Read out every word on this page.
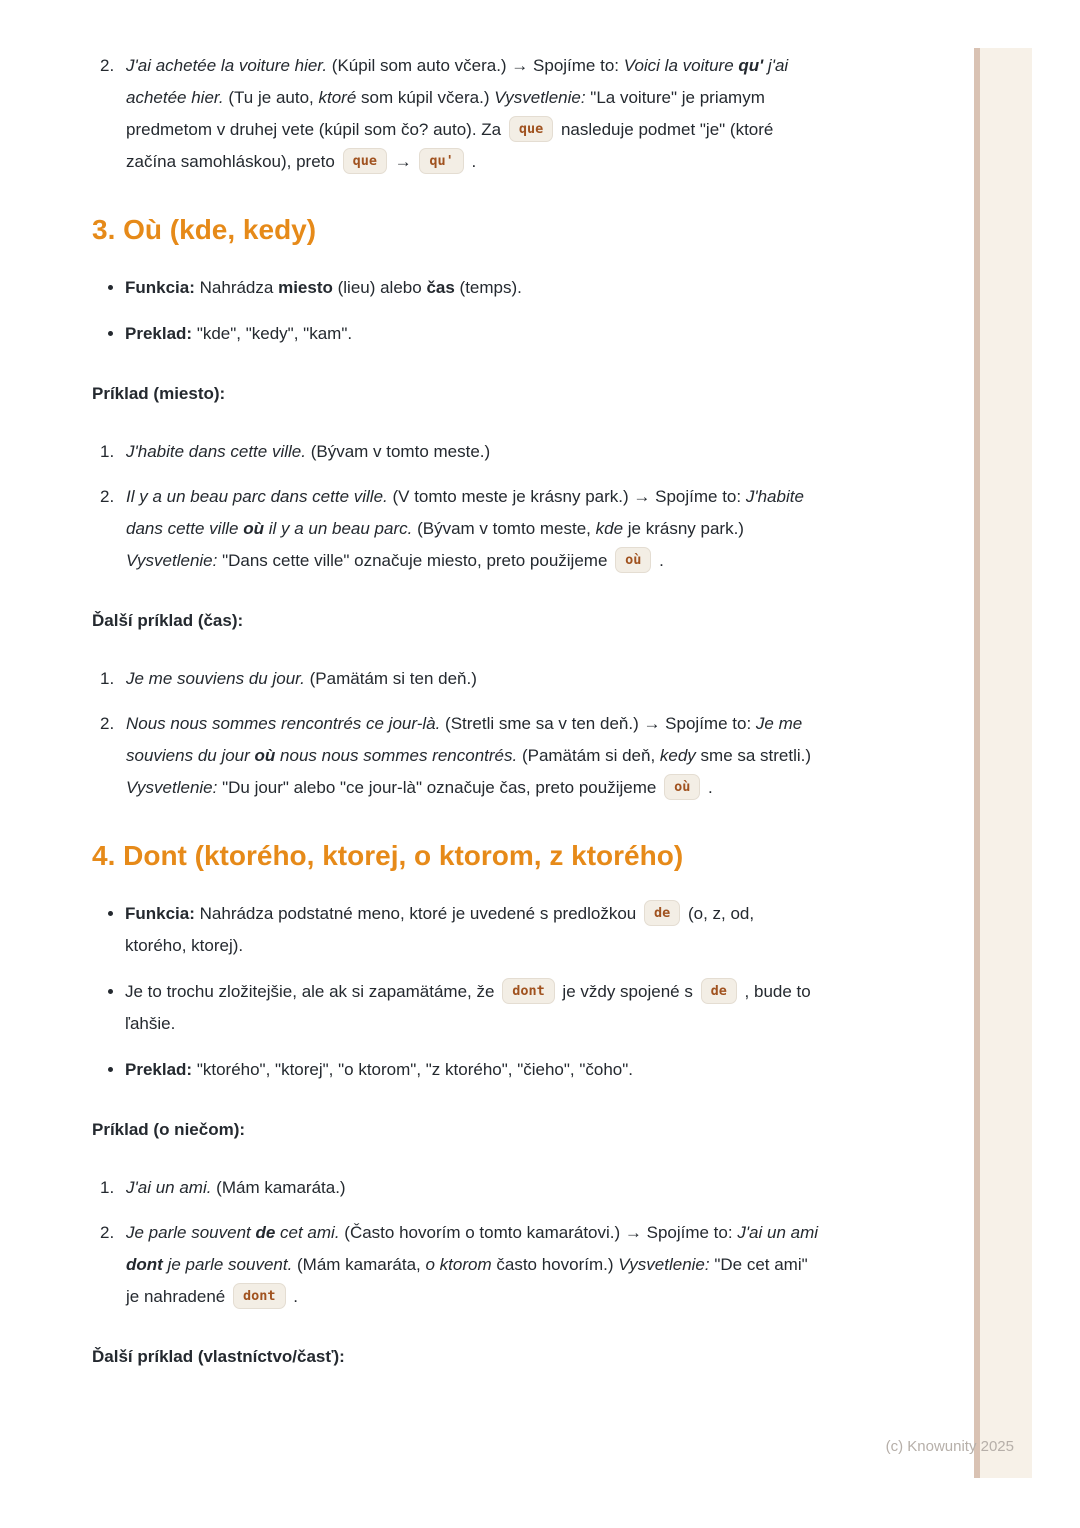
2. J'ai achetée la voiture hier. (Kúpil som auto včera.) → Spojíme to: Voici la voiture qu' j'ai achetée hier. (Tu je auto, ktoré som kúpil včera.) Vysvetlenie: "La voiture" je priamym predmetom v druhej vete (kúpil som čo? auto). Za que nasleduje podmet "je" (ktoré začína samohláskou), preto que → qu' .
3. Où (kde, kedy)
• Funkcia: Nahrádza miesto (lieu) alebo čas (temps).
• Preklad: "kde", "kedy", "kam".
Príklad (miesto):
1. J'habite dans cette ville. (Bývam v tomto meste.)
2. Il y a un beau parc dans cette ville. (V tomto meste je krásny park.) → Spojíme to: J'habite dans cette ville où il y a un beau parc. (Bývam v tomto meste, kde je krásny park.) Vysvetlenie: "Dans cette ville" označuje miesto, preto použijeme où .
Ďalší príklad (čas):
1. Je me souviens du jour. (Pamätám si ten deň.)
2. Nous nous sommes rencontrés ce jour-là. (Stretli sme sa v ten deň.) → Spojíme to: Je me souviens du jour où nous nous sommes rencontrés. (Pamätám si deň, kedy sme sa stretli.) Vysvetlenie: "Du jour" alebo "ce jour-là" označuje čas, preto použijeme où .
4. Dont (ktorého, ktorej, o ktorom, z ktorého)
• Funkcia: Nahrádza podstatné meno, ktoré je uvedené s predložkou de (o, z, od, ktorého, ktorej).
• Je to trochu zložitejšie, ale ak si zapamätáme, že dont je vždy spojené s de , bude to ľahšie.
• Preklad: "ktorého", "ktorej", "o ktorom", "z ktorého", "čieho", "čoho".
Príklad (o niečom):
1. J'ai un ami. (Mám kamaráta.)
2. Je parle souvent de cet ami. (Často hovorím o tomto kamarátovi.) → Spojíme to: J'ai un ami dont je parle souvent. (Mám kamaráta, o ktorom často hovorím.) Vysvetlenie: "De cet ami" je nahradené dont .
Ďalší príklad (vlastníctvo/časť):
(c) Knowunity 2025
